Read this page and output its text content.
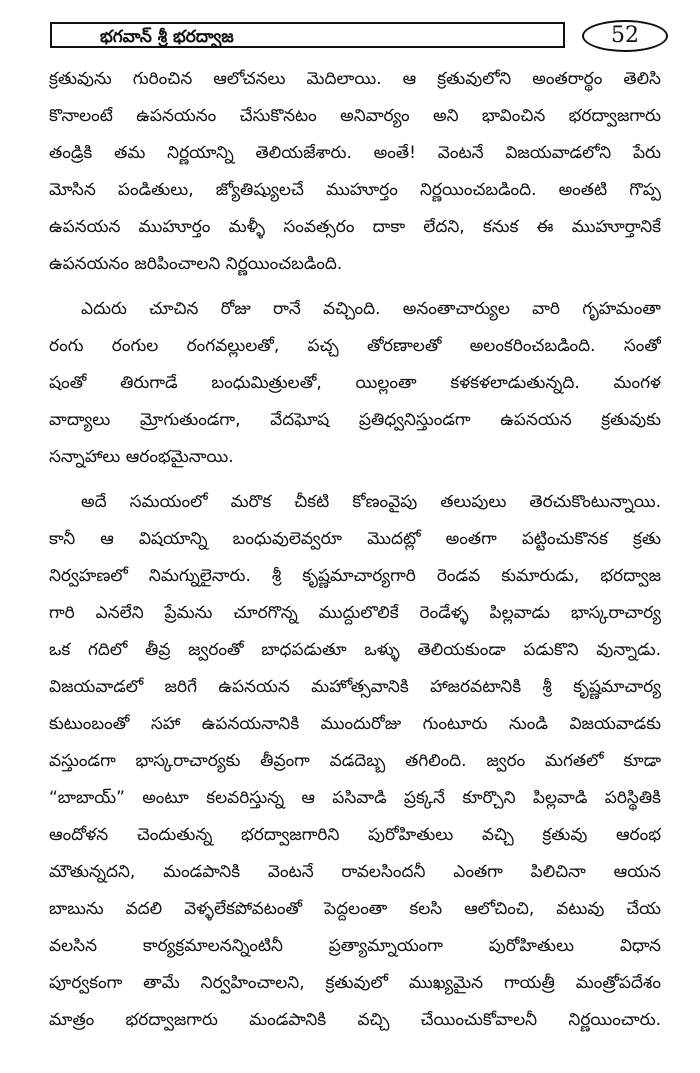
భగవాన్ శ్రీ భరద్వాజ	52
క్రతువును గురించిన ఆలోచనలు మెదిలాయి. ఆ క్రతువులోని అంతరార్థం తెలిసి
కొనాలంటే ఉపనయనం చేసుకొనటం అనివార్యం అని భావించిన భరద్వాజగారు
తండ్రికి తమ నిర్ణయాన్ని తెలియజేశారు. అంతే! వెంటనే విజయవాడలోని పేరు
మోసిన పండితులు, జ్యోతిష్యులచే ముహూర్తం నిర్ణయించబడింది. అంతటి గొప్ప
ఉపనయన ముహూర్తం మళ్ళీ సంవత్సరం దాకా లేదని, కనుక ఈ ముహూర్తానికే
ఉపనయనం జరిపించాలని నిర్ణయించబడింది.
ఎదురు చూచిన రోజు రానే వచ్చింది. అనంతాచార్యుల వారి గృహమంతా
రంగు రంగుల రంగవల్లులతో, పచ్చ తోరణాలతో అలంకరించబడింది. సంతో
షంతో తిరుగాడే బంధుమిత్రులతో, యిల్లంతా కళకళలాడుతున్నది. మంగళ
వాద్యాలు మ్రోగుతుండగా, వేదఘోష ప్రతిధ్వనిస్తుండగా ఉపనయన క్రతువుకు
సన్నాహాలు ఆరంభమైనాయి.
అదే సమయంలో మరొక చీకటి కోణంవైపు తలుపులు తెరచుకొంటున్నాయి.
కానీ ఆ విషయాన్ని బంధువులెవ్వరూ మొదట్లో అంతగా పట్టించుకొనక క్రతు
నిర్వహణలో నిమగ్నులైనారు. శ్రీ కృష్ణమాచార్యగారి రెండవ కుమారుడు, భరద్వాజ
గారి ఎనలేని ప్రేమను చూరగొన్న ముద్దులొలికే రెండేళ్ళ పిల్లవాడు భాస్కరాచార్య
ఒక గదిలో తీవ్ర జ్వరంతో బాధపడుతూ ఒళ్ళు తెలియకుండా పడుకొని వున్నాడు.
విజయవాడలో జరిగే ఉపనయన మహోత్సవానికి హాజరవటానికి శ్రీ కృష్ణమాచార్య
కుటుంబంతో సహా ఉపనయనానికి ముందురోజు గుంటూరు నుండి విజయవాడకు
వస్తుండగా భాస్కరాచార్యకు తీవ్రంగా వడదెబ్బ తగిలింది. జ్వరం మగతలో కూడా
“బాబాయ్” అంటూ కలవరిస్తున్న ఆ పసివాడి ప్రక్కనే కూర్చొని పిల్లవాడి పరిస్థితికి
ఆందోళన చెందుతున్న భరద్వాజగారిని పురోహితులు వచ్చి క్రతువు ఆరంభ
మౌతున్నదని, మండపానికి వెంటనే రావలసిందనీ ఎంతగా పిలిచినా ఆయన
బాబును వదలి వెళ్ళలేకపోవటంతో పెద్దలంతా కలసి ఆలోచించి, వటువు చేయ
వలసిన కార్యక్రమాలనన్నింటినీ ప్రత్యామ్నాయంగా పురోహితులు విధాన
పూర్వకంగా తామే నిర్వహించాలని, క్రతువులో ముఖ్యమైన గాయత్రీ మంత్రోపదేశం
మాత్రం భరద్వాజగారు మండపానికి వచ్చి చేయించుకోవాలనీ నిర్ణయించారు.
